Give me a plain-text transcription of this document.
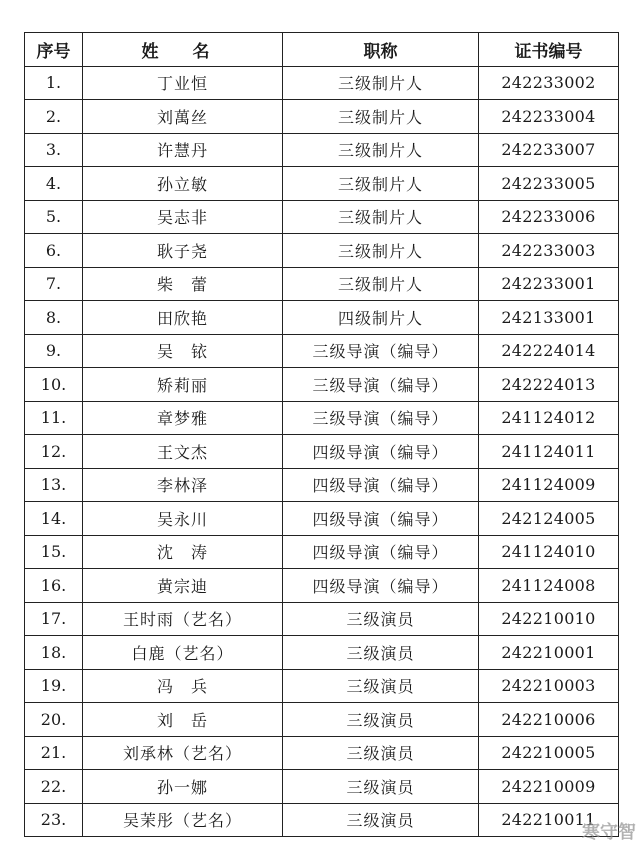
序号	姓 名	职称	证书编号
1.	丁业恒	三级制片人	242233002
2.	刘萬丝	三级制片人	242233004
3.	许慧丹	三级制片人	242233007
4.	孙立敏	三级制片人	242233005
5.	吴志非	三级制片人	242233006
6.	耿子尧	三级制片人	242233003
7.	柴　蕾	三级制片人	242233001
8.	田欣艳	四级制片人	242133001
9.	吴　铱	三级导演（编导）	242224014
10.	矫莉丽	三级导演（编导）	242224013
11.	章梦雅	三级导演（编导）	241124012
12.	王文杰	四级导演（编导）	241124011
13.	李林泽	四级导演（编导）	241124009
14.	吴永川	四级导演（编导）	242124005
15.	沈　涛	四级导演（编导）	241124010
16.	黄宗迪	四级导演（编导）	241124008
17.	王时雨（艺名）	三级演员	242210010
18.	白鹿（艺名）	三级演员	242210001
19.	冯　兵	三级演员	242210003
20.	刘　岳	三级演员	242210006
21.	刘承林（艺名）	三级演员	242210005
22.	孙一娜	三级演员	242210009
23.	吴茉彤（艺名）	三级演员	242210011
寒守智
